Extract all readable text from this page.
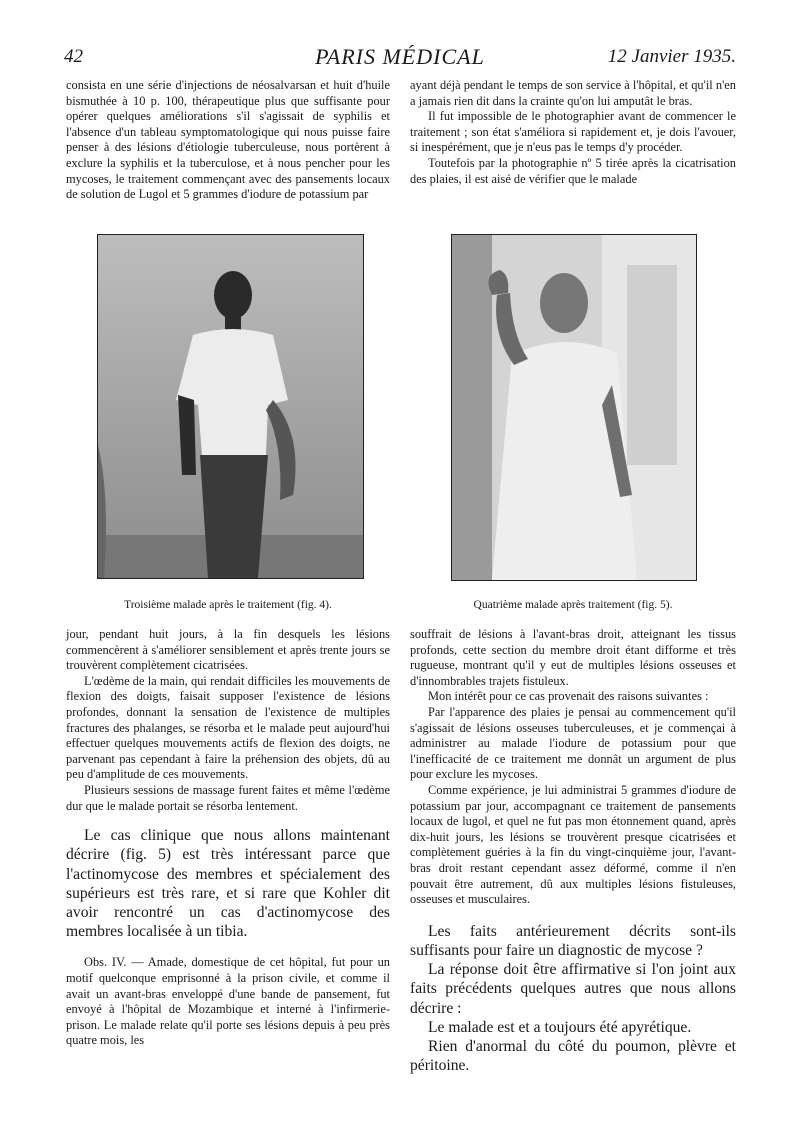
42	PARIS MÉDICAL	12 Janvier 1935.

consista en une série d'injections de néosalvarsan et huit d'huile bismuthée à 10 p. 100, thérapeutique plus que suffisante pour opérer quelques améliorations s'il s'agissait de syphilis et l'absence d'un tableau symptomatologique qui nous puisse faire penser à des lésions d'étiologie tuberculeuse, nous portèrent à exclure la syphilis et la tuberculose, et à nous pencher pour les mycoses, le traitement commençant avec des pansements locaux de solution de Lugol et 5 grammes d'iodure de potassium par

ayant déjà pendant le temps de son service à l'hôpital, et qu'il n'en a jamais rien dit dans la crainte qu'on lui amputât le bras.

Il fut impossible de le photographier avant de commencer le traitement ; son état s'améliora si rapidement et, je dois l'avouer, si inespérément, que je n'eus pas le temps d'y procéder.

Toutefois par la photographie nº 5 tirée après la cicatrisation des plaies, il est aisé de vérifier que le malade

Troisième malade après le traitement (fig. 4).	Quatrième malade après traitement (fig. 5).

jour, pendant huit jours, à la fin desquels les lésions commencèrent à s'améliorer sensiblement et après trente jours se trouvèrent complètement cicatrisées.

L'œdème de la main, qui rendait difficiles les mouvements de flexion des doigts, faisait supposer l'existence de lésions profondes, donnant la sensation de l'existence de multiples fractures des phalanges, se résorba et le malade peut aujourd'hui effectuer quelques mouvements actifs de flexion des doigts, ne parvenant pas cependant à faire la préhension des objets, dû au peu d'amplitude de ces mouvements.

Plusieurs sessions de massage furent faites et même l'œdème dur que le malade portait se résorba lentement.

Le cas clinique que nous allons maintenant décrire (fig. 5) est très intéressant parce que l'actinomycose des membres et spécialement des supérieurs est très rare, et si rare que Kohler dit avoir rencontré un cas d'actinomycose des membres localisée à un tibia.

Obs. IV. — Amade, domestique de cet hôpital, fut pour un motif quelconque emprisonné à la prison civile, et comme il avait un avant-bras enveloppé d'une bande de pansement, fut envoyé à l'hôpital de Mozambique et interné à l'infirmerie-prison. Le malade relate qu'il porte ses lésions depuis à peu près quatre mois, les

souffrait de lésions à l'avant-bras droit, atteignant les tissus profonds, cette section du membre droit étant difforme et très rugueuse, montrant qu'il y eut de multiples lésions osseuses et d'innombrables trajets fistuleux.

Mon intérêt pour ce cas provenait des raisons suivantes :

Par l'apparence des plaies je pensai au commencement qu'il s'agissait de lésions osseuses tuberculeuses, et je commençai à administrer au malade l'iodure de potassium pour que l'inefficacité de ce traitement me donnât un argument de plus pour exclure les mycoses.

Comme expérience, je lui administrai 5 grammes d'iodure de potassium par jour, accompagnant ce traitement de pansements locaux de lugol, et quel ne fut pas mon étonnement quand, après dix-huit jours, les lésions se trouvèrent presque cicatrisées et complètement guéries à la fin du vingt-cinquième jour, l'avant-bras droit restant cependant assez déformé, comme il n'en pouvait être autrement, dû aux multiples lésions fistuleuses, osseuses et musculaires.

Les faits antérieurement décrits sont-ils suffisants pour faire un diagnostic de mycose ?

La réponse doit être affirmative si l'on joint aux faits précédents quelques autres que nous allons décrire :

Le malade est et a toujours été apyrétique.

Rien d'anormal du côté du poumon, plèvre et péritoine.
